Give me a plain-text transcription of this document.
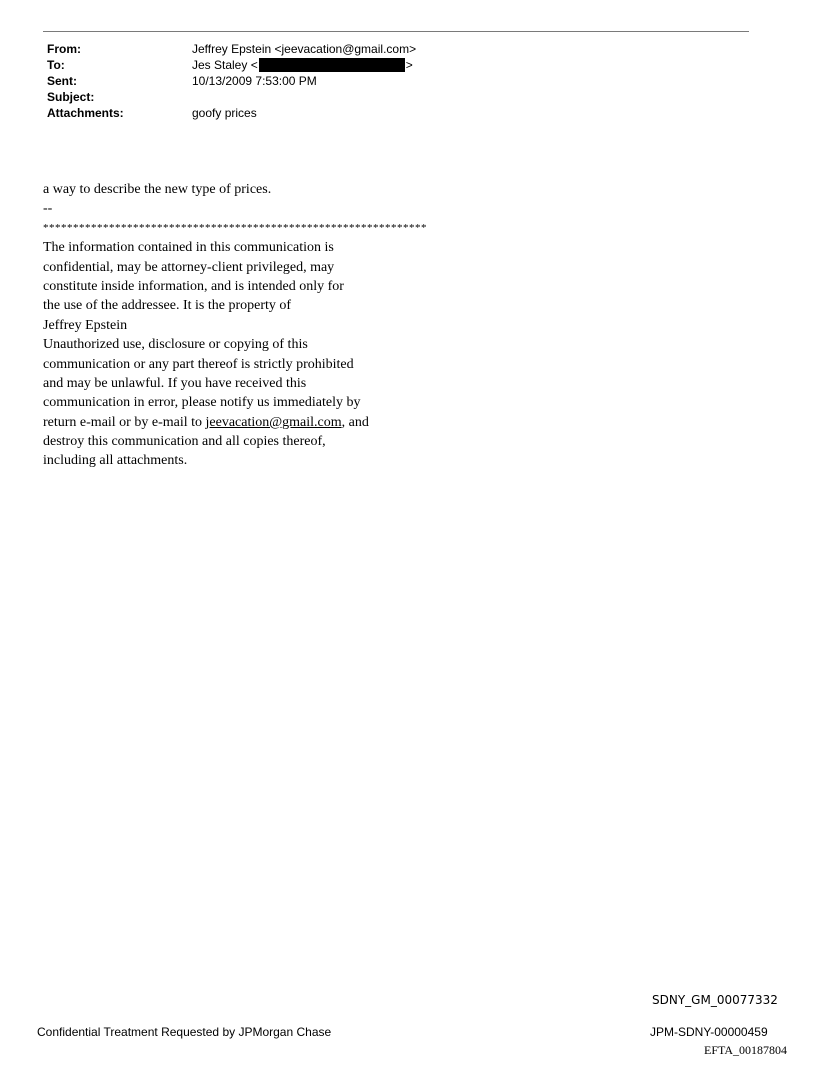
From:	Jeffrey Epstein <jeevacation@gmail.com>
To:	Jes Staley <	>
Sent:	10/13/2009 7:53:00 PM
Subject:
Attachments:	goofy prices
a way to describe the new type of prices.
--
****************************************************************
The information contained in this communication is
confidential, may be attorney-client privileged, may
constitute inside information, and is intended only for
the use of the addressee. It is the property of
Jeffrey Epstein
Unauthorized use, disclosure or copying of this
communication or any part thereof is strictly prohibited
and may be unlawful. If you have received this
communication in error, please notify us immediately by
return e-mail or by e-mail to jeevacation@gmail.com, and
destroy this communication and all copies thereof,
including all attachments.
SDNY_GM_00077332
Confidential Treatment Requested by JPMorgan Chase	JPM-SDNY-00000459
EFTA_00187804
